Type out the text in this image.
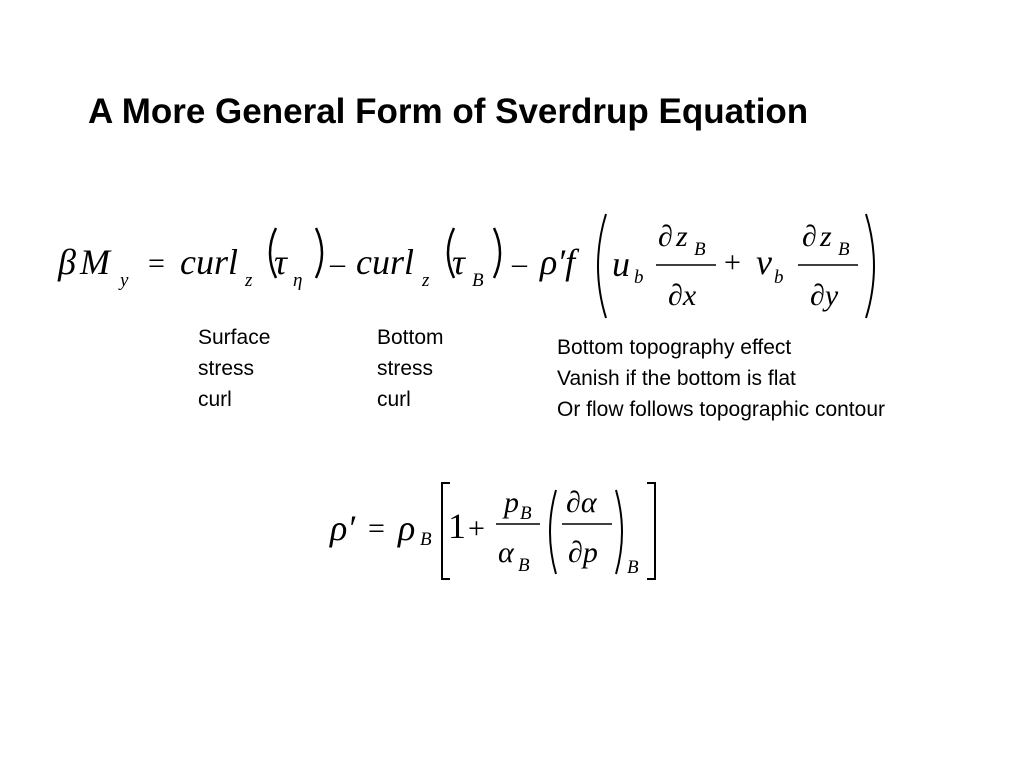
A More General Form of Sverdrup Equation
β M y
= curl z τ η
– curl z τ B
– ρ′f u b
∂ z B
∂x
+ v b
∂ z B
∂y
Surface
stress
curl
Bottom
stress
curl
Bottom topography effect
Vanish if the bottom is flat
Or flow follows topographic contour
ρ′ = ρ B 1 +
p B
α B
∂α
∂p B
